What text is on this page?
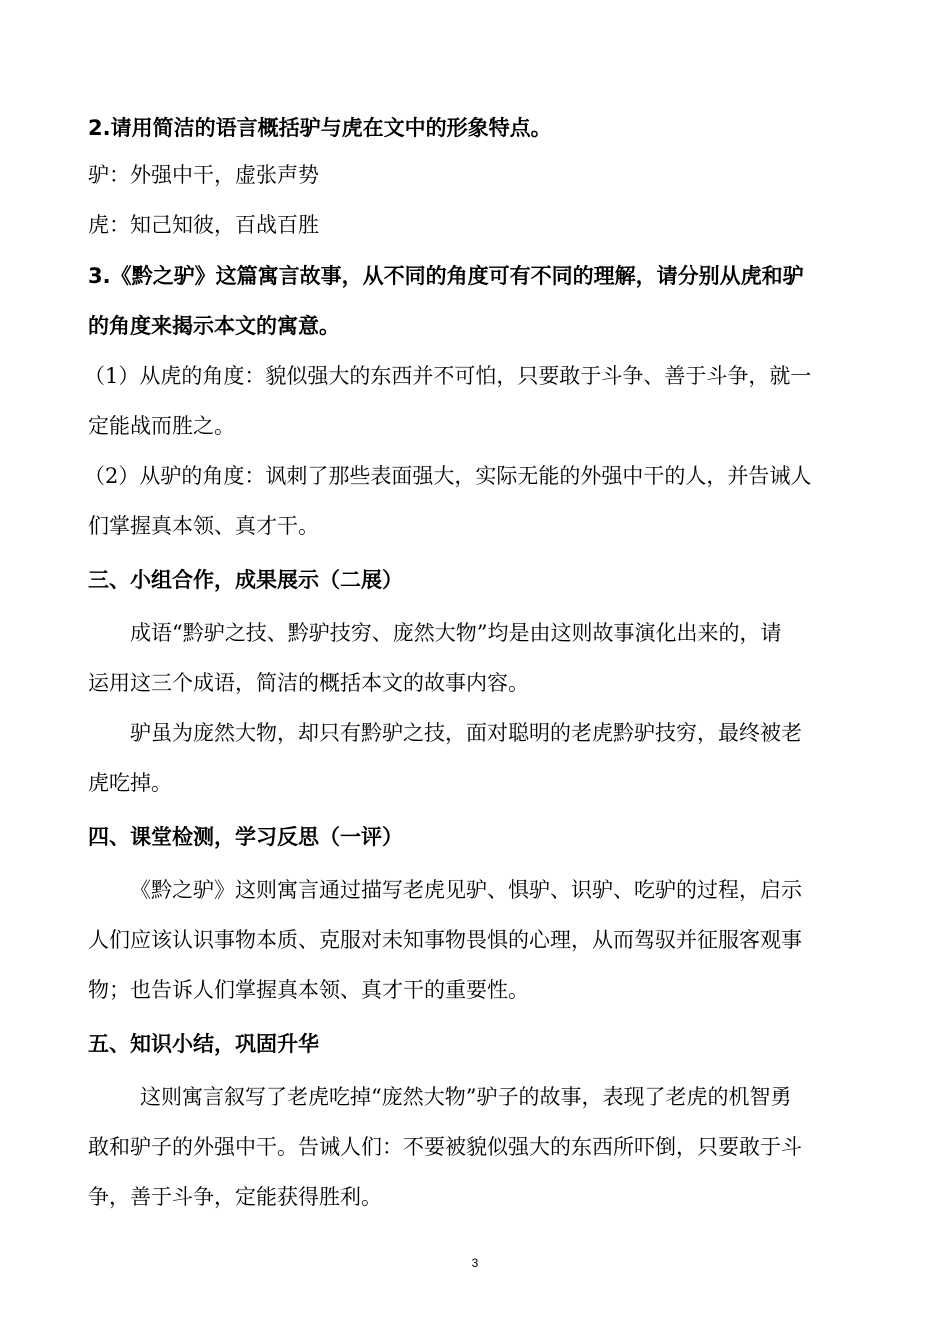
2.请用简洁的语言概括驴与虎在文中的形象特点。

驴：外强中干，虚张声势

虎：知己知彼，百战百胜

3.《黔之驴》这篇寓言故事，从不同的角度可有不同的理解，请分别从虎和驴

的角度来揭示本文的寓意。

（1）从虎的角度：貌似强大的东西并不可怕，只要敢于斗争、善于斗争，就一

定能战而胜之。

（2）从驴的角度：讽刺了那些表面强大，实际无能的外强中干的人，并告诫人

们掌握真本领、真才干。

三、小组合作，成果展示（二展）

成语“黔驴之技、黔驴技穷、庞然大物”均是由这则故事演化出来的，请

运用这三个成语，简洁的概括本文的故事内容。

驴虽为庞然大物，却只有黔驴之技，面对聪明的老虎黔驴技穷，最终被老

虎吃掉。

四、课堂检测，学习反思（一评）

《黔之驴》这则寓言通过描写老虎见驴、惧驴、识驴、吃驴的过程，启示

人们应该认识事物本质、克服对未知事物畏惧的心理，从而驾驭并征服客观事

物；也告诉人们掌握真本领、真才干的重要性。

五、知识小结，巩固升华

这则寓言叙写了老虎吃掉“庞然大物”驴子的故事，表现了老虎的机智勇

敢和驴子的外强中干。告诫人们：不要被貌似强大的东西所吓倒，只要敢于斗

争，善于斗争，定能获得胜利。

3
